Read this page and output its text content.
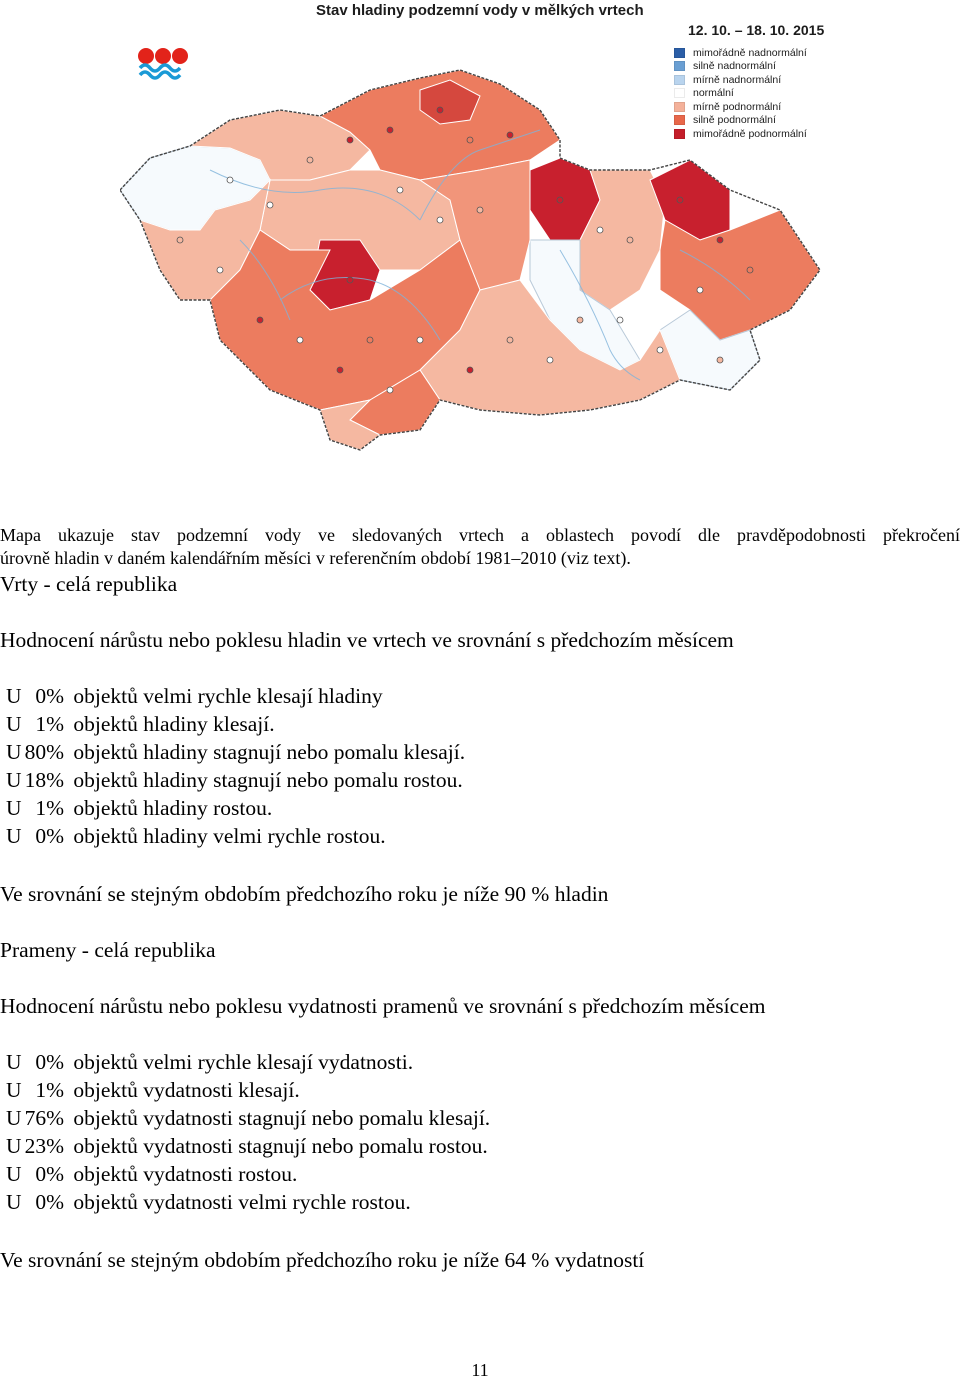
Stav hladiny podzemní vody v mělkých vrtech
12. 10. – 18. 10. 2015
mimořádně nadnormální
silně nadnormální
mírně nadnormální
normální
mírně podnormální
silně podnormální
mimořádně podnormální
Mapa ukazuje stav podzemní vody ve sledovaných vrtech a oblastech povodí dle pravděpodobnosti překročení
úrovně hladin v daném kalendářním měsíci v referenčním období 1981–2010 (viz text).
Vrty - celá republika
Hodnocení nárůstu nebo poklesu hladin ve vrtech ve srovnání s předchozím měsícem
U 0% objektů velmi rychle klesají hladiny
U 1% objektů hladiny klesají.
U 80% objektů hladiny stagnují nebo pomalu klesají.
U 18% objektů hladiny stagnují nebo pomalu rostou.
U 1% objektů hladiny rostou.
U 0% objektů hladiny velmi rychle rostou.
Ve srovnání se stejným obdobím předchozího roku je níže 90 % hladin
Prameny - celá republika
Hodnocení nárůstu nebo poklesu vydatnosti pramenů ve srovnání s předchozím měsícem
U 0% objektů velmi rychle klesají vydatnosti.
U 1% objektů vydatnosti klesají.
U 76% objektů vydatnosti stagnují nebo pomalu klesají.
U 23% objektů vydatnosti stagnují nebo pomalu rostou.
U 0% objektů vydatnosti rostou.
U 0% objektů vydatnosti velmi rychle rostou.
Ve srovnání se stejným obdobím předchozího roku je níže 64 % vydatností
11
